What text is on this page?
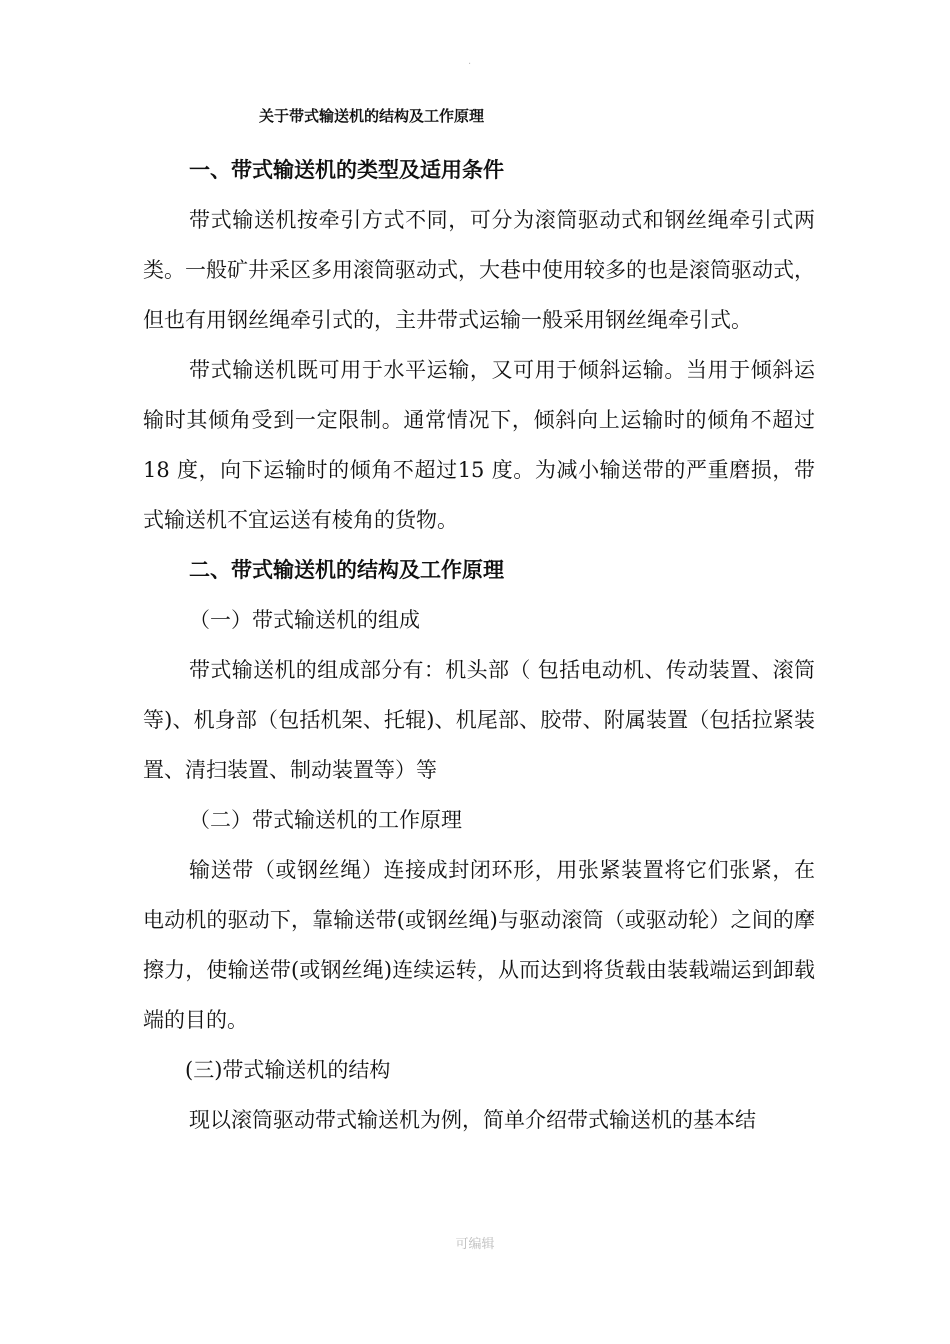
.
关于带式输送机的结构及工作原理

一、带式输送机的类型及适用条件

带式输送机按牵引方式不同，可分为滚筒驱动式和钢丝绳牵引式两类。一般矿井采区多用滚筒驱动式，大巷中使用较多的也是滚筒驱动式，但也有用钢丝绳牵引式的，主井带式运输一般采用钢丝绳牵引式。

带式输送机既可用于水平运输，又可用于倾斜运输。当用于倾斜运输时其倾角受到一定限制。通常情况下，倾斜向上运输时的倾角不超过 18 度，向下运输时的倾角不超过15 度。为减小输送带的严重磨损，带式输送机不宜运送有棱角的货物。

二、带式输送机的结构及工作原理

（一）带式输送机的组成

带式输送机的组成部分有：机头部（ 包括电动机、传动装置、滚筒等)、机身部（包括机架、托辊)、机尾部、胶带、附属装置（包括拉紧装置、清扫装置、制动装置等）等

（二）带式输送机的工作原理

输送带（或钢丝绳）连接成封闭环形，用张紧装置将它们张紧，在电动机的驱动下，靠输送带(或钢丝绳)与驱动滚筒（或驱动轮）之间的摩擦力，使输送带(或钢丝绳)连续运转，从而达到将货载由装载端运到卸载端的目的。

(三)带式输送机的结构

现以滚筒驱动带式输送机为例，简单介绍带式输送机的基本结

可编辑
